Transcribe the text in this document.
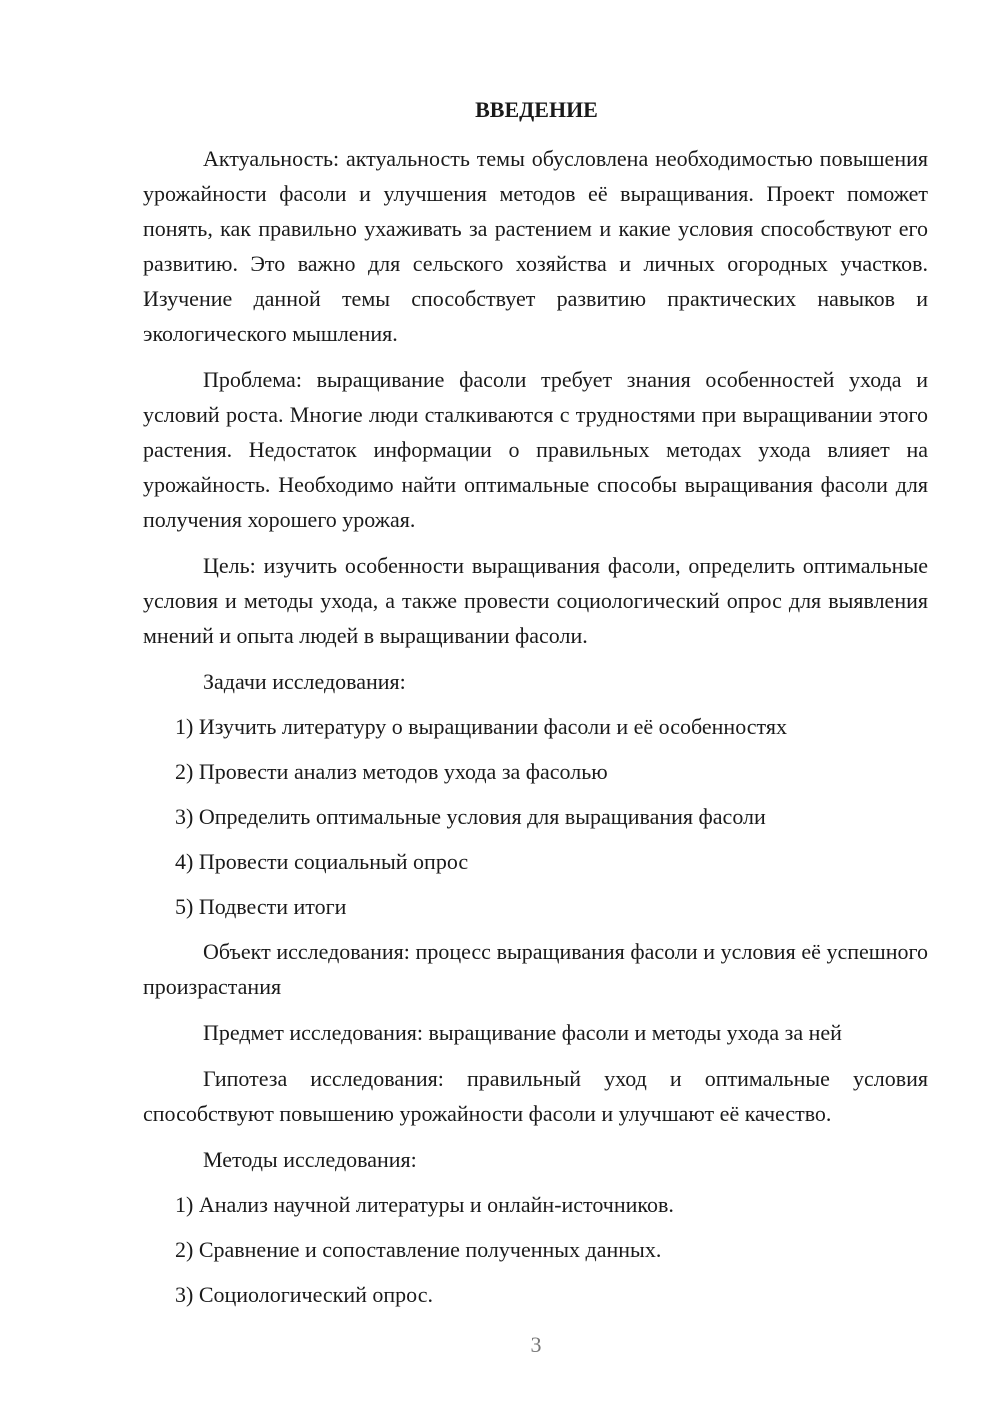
ВВЕДЕНИЕ

Актуальность: актуальность темы обусловлена необходимостью повышения урожайности фасоли и улучшения методов её выращивания. Проект поможет понять, как правильно ухаживать за растением и какие условия способствуют его развитию. Это важно для сельского хозяйства и личных огородных участков. Изучение данной темы способствует развитию практических навыков и экологического мышления.

Проблема: выращивание фасоли требует знания особенностей ухода и условий роста. Многие люди сталкиваются с трудностями при выращивании этого растения. Недостаток информации о правильных методах ухода влияет на урожайность. Необходимо найти оптимальные способы выращивания фасоли для получения хорошего урожая.

Цель: изучить особенности выращивания фасоли, определить оптимальные условия и методы ухода, а также провести социологический опрос для выявления мнений и опыта людей в выращивании фасоли.

Задачи исследования:

1) Изучить литературу о выращивании фасоли и её особенностях

2) Провести анализ методов ухода за фасолью

3) Определить оптимальные условия для выращивания фасоли

4) Провести социальный опрос

5) Подвести итоги

Объект исследования: процесс выращивания фасоли и условия её успешного произрастания

Предмет исследования: выращивание фасоли и методы ухода за ней

Гипотеза исследования: правильный уход и оптимальные условия способствуют повышению урожайности фасоли и улучшают её качество.

Методы исследования:

1) Анализ научной литературы и онлайн-источников.

2) Сравнение и сопоставление полученных данных.

3) Социологический опрос.

3
